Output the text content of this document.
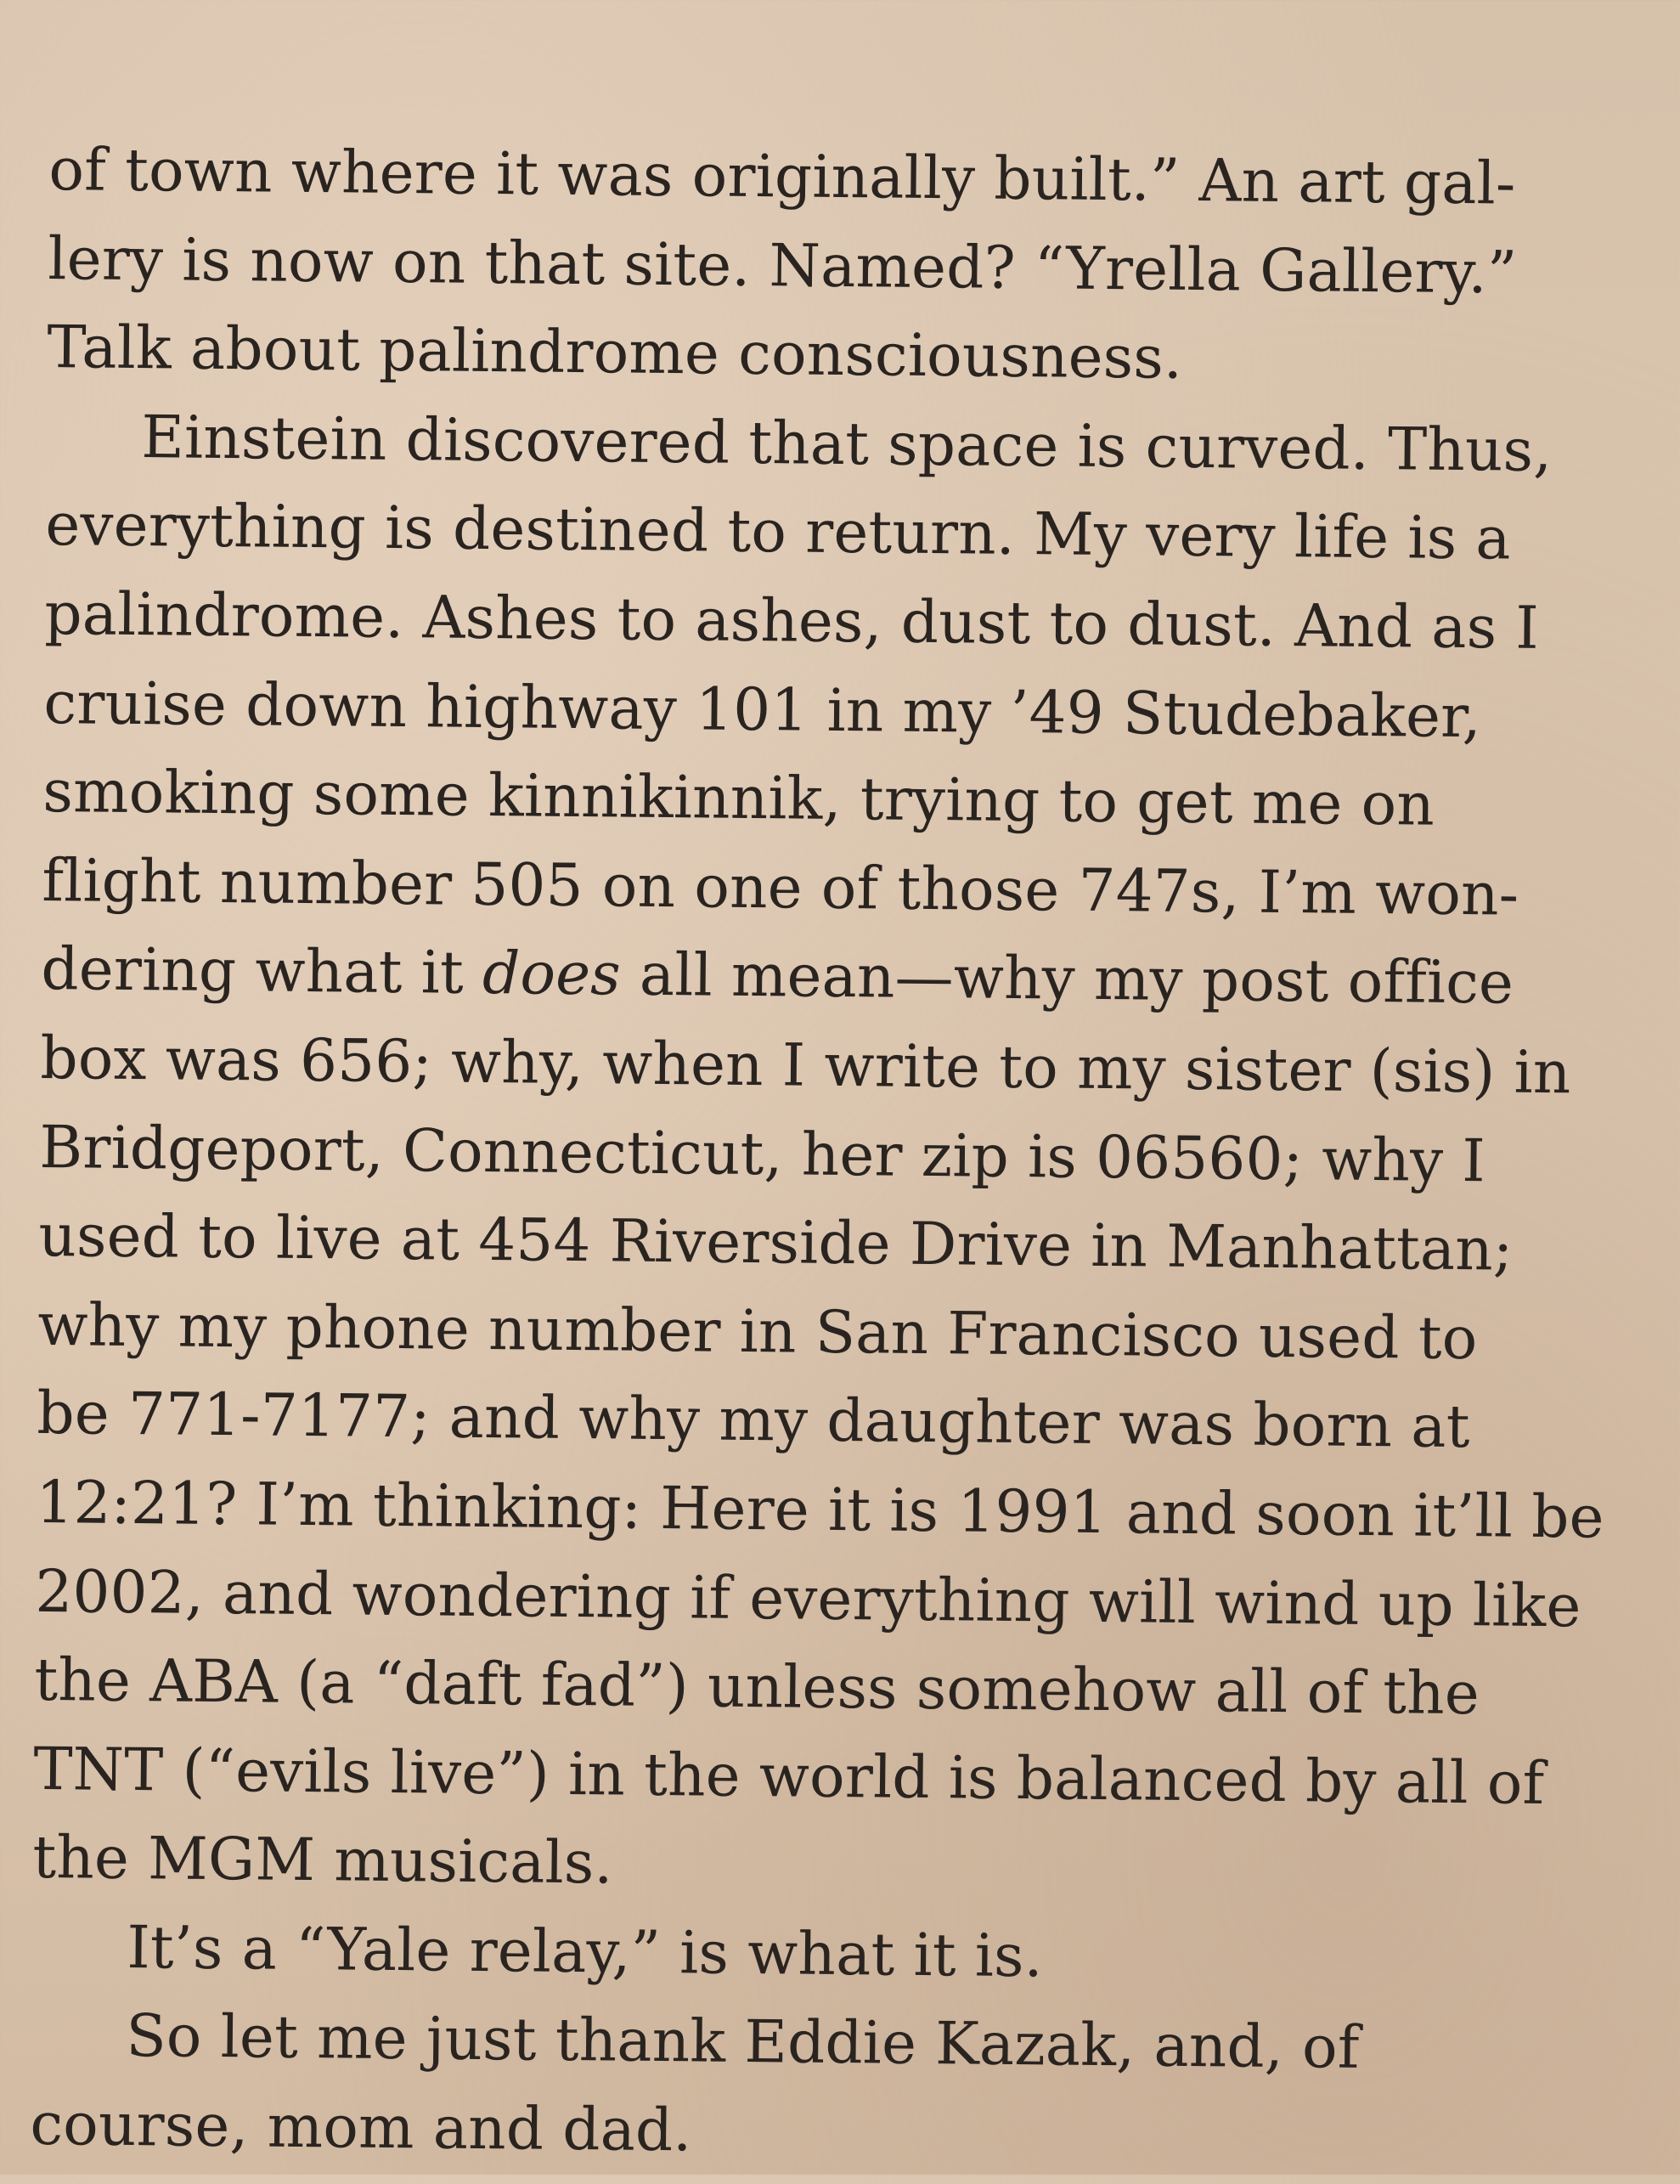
of town where it was originally built.” An art gal-
lery is now on that site. Named? “Yrella Gallery.”
Talk about palindrome consciousness.
Einstein discovered that space is curved. Thus,
everything is destined to return. My very life is a
palindrome. Ashes to ashes, dust to dust. And as I
cruise down highway 101 in my ’49 Studebaker,
smoking some kinnikinnik, trying to get me on
flight number 505 on one of those 747s, I’m won-
dering what it does all mean—why my post office
box was 656; why, when I write to my sister (sis) in
Bridgeport, Connecticut, her zip is 06560; why I
used to live at 454 Riverside Drive in Manhattan;
why my phone number in San Francisco used to
be 771-7177; and why my daughter was born at
12:21? I’m thinking: Here it is 1991 and soon it’ll be
2002, and wondering if everything will wind up like
the ABA (a “daft fad”) unless somehow all of the
TNT (“evils live”) in the world is balanced by all of
the MGM musicals.
It’s a “Yale relay,” is what it is.
So let me just thank Eddie Kazak, and, of
course, mom and dad.
